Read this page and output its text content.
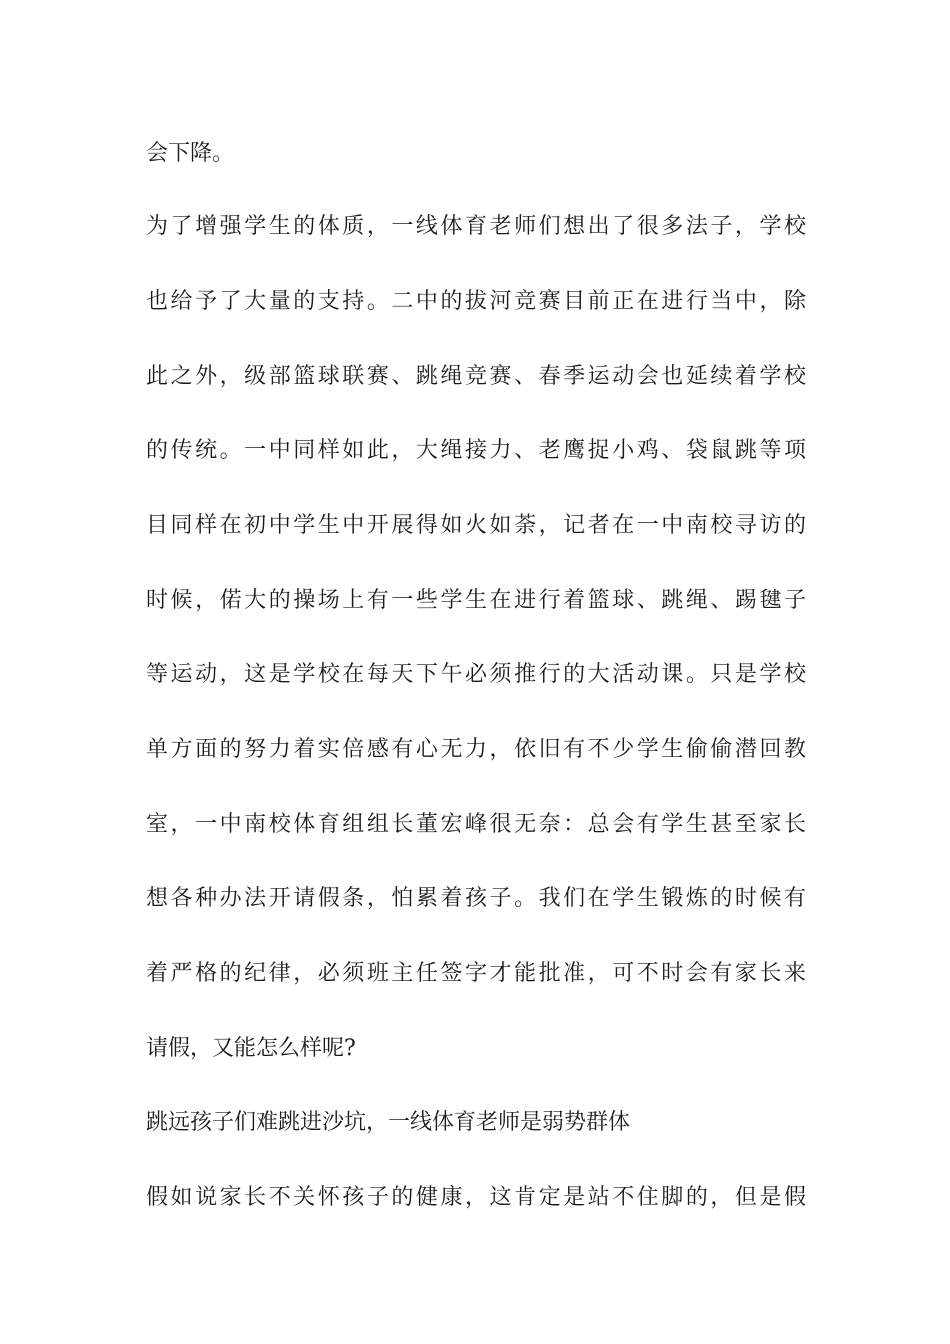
会下降。
为了增强学生的体质，一线体育老师们想出了很多法子，学校
也给予了大量的支持。二中的拔河竞赛目前正在进行当中，除
此之外，级部篮球联赛、跳绳竞赛、春季运动会也延续着学校
的传统。一中同样如此，大绳接力、老鹰捉小鸡、袋鼠跳等项
目同样在初中学生中开展得如火如荼，记者在一中南校寻访的
时候，偌大的操场上有一些学生在进行着篮球、跳绳、踢毽子
等运动，这是学校在每天下午必须推行的大活动课。只是学校
单方面的努力着实倍感有心无力，依旧有不少学生偷偷潜回教
室，一中南校体育组组长董宏峰很无奈：总会有学生甚至家长
想各种办法开请假条，怕累着孩子。我们在学生锻炼的时候有
着严格的纪律，必须班主任签字才能批准，可不时会有家长来
请假，又能怎么样呢?
跳远孩子们难跳进沙坑，一线体育老师是弱势群体
假如说家长不关怀孩子的健康，这肯定是站不住脚的，但是假
